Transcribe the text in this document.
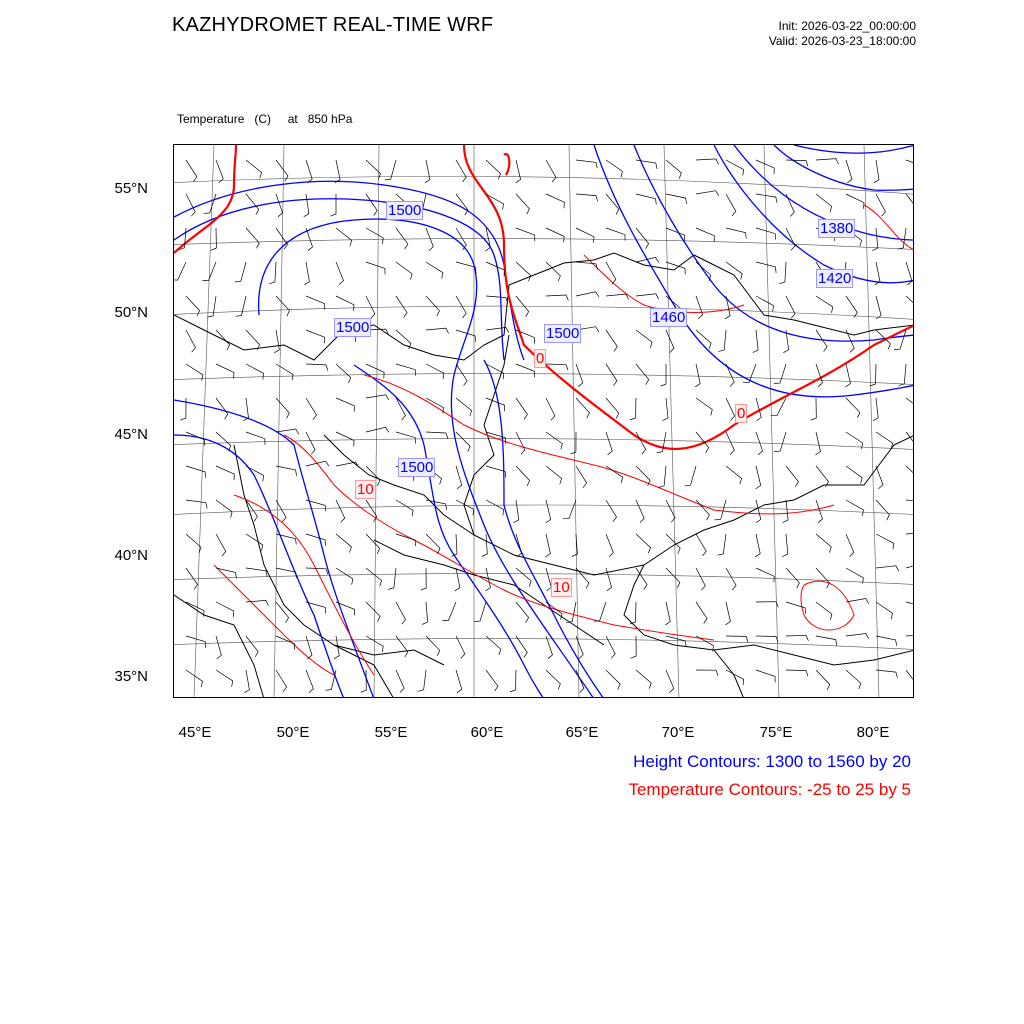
KAZHYDROMET REAL-TIME WRF	Init: 2026-03-22_00:00:00
Valid: 2026-03-23_18:00:00

Temperature   (C)     at   850 hPa

1500
1500	1500
1500
1460
1420
1380
0
0
10
10
55°N
50°N
45°N
40°N
35°N
45°E	50°E	55°E	60°E	65°E	70°E	75°E	80°E
Height Contours: 1300 to 1560 by 20
Temperature Contours: -25 to 25 by 5
